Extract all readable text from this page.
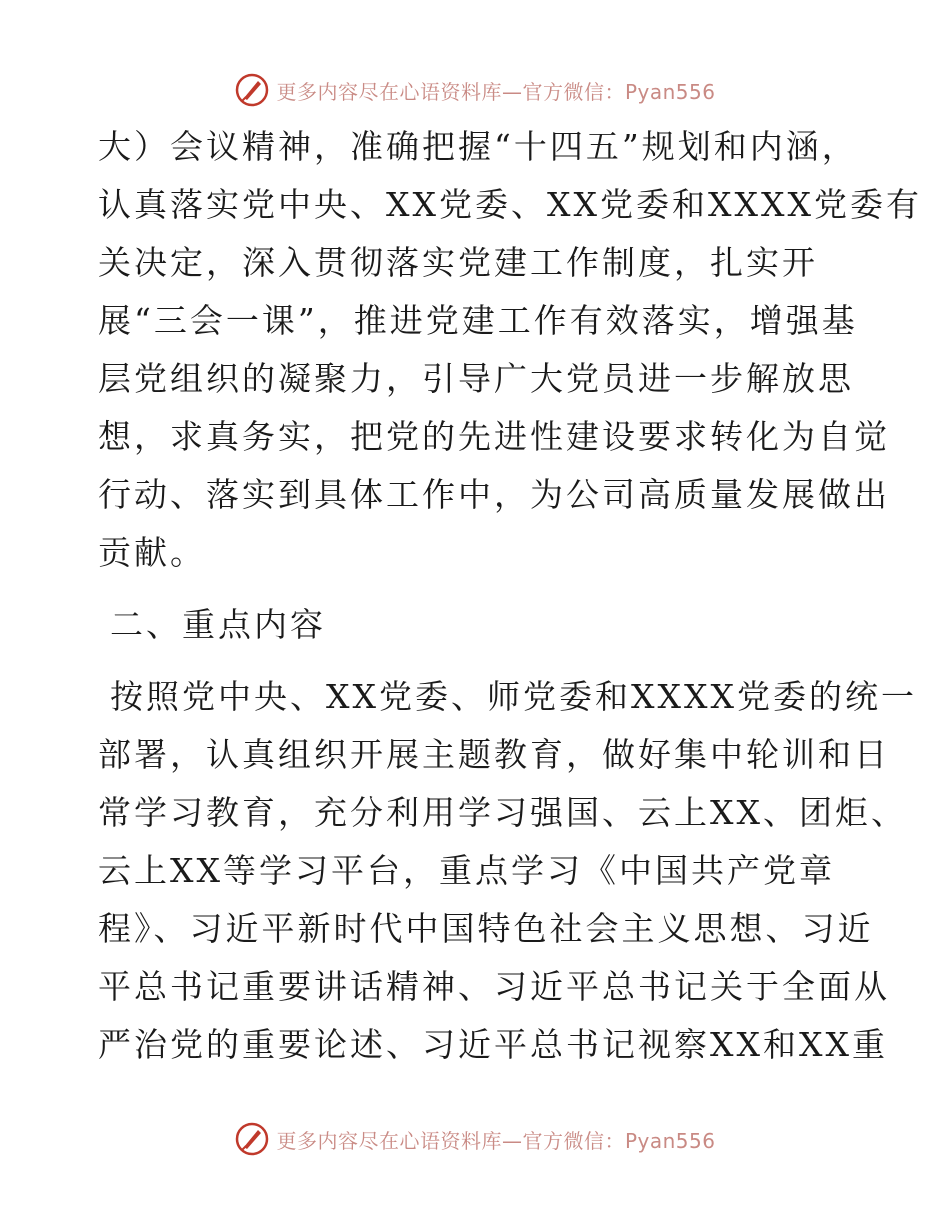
更多内容尽在心语资料库—官方微信：Pyan556
大）会议精神，准确把握“十四五”规划和内涵，
认真落实党中央、XX党委、XX党委和XXXX党委有
关决定，深入贯彻落实党建工作制度，扎实开
展“三会一课”，推进党建工作有效落实，增强基
层党组织的凝聚力，引导广大党员进一步解放思
想，求真务实，把党的先进性建设要求转化为自觉
行动、落实到具体工作中，为公司高质量发展做出
贡献。
二、重点内容
按照党中央、XX党委、师党委和XXXX党委的统一
部署，认真组织开展主题教育，做好集中轮训和日
常学习教育，充分利用学习强国、云上XX、团炬、
云上XX等学习平台，重点学习《中国共产党章
程》、习近平新时代中国特色社会主义思想、习近
平总书记重要讲话精神、习近平总书记关于全面从
严治党的重要论述、习近平总书记视察XX和XX重
更多内容尽在心语资料库—官方微信：Pyan556
